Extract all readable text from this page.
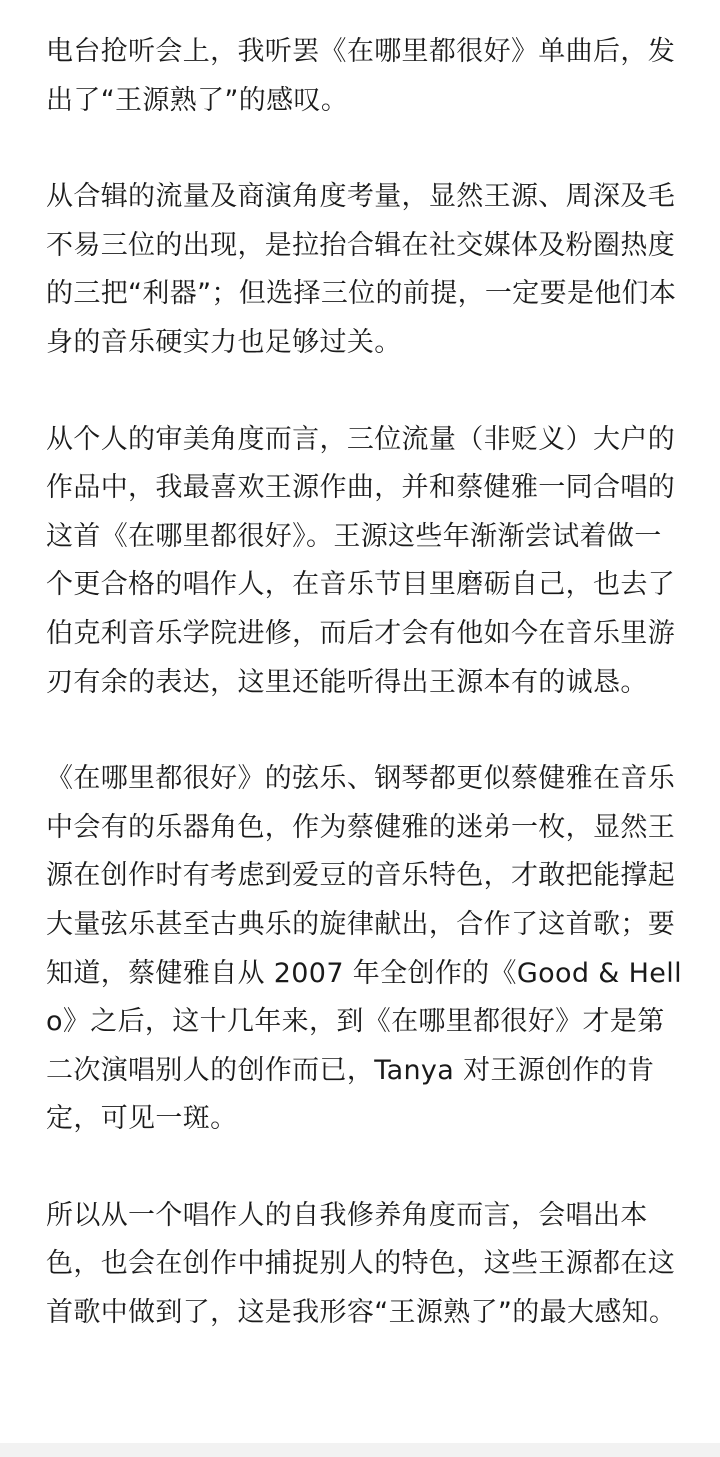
电台抢听会上，我听罢《在哪里都很好》单曲后，发出了“王源熟了”的感叹。

从合辑的流量及商演角度考量，显然王源、周深及毛不易三位的出现，是拉抬合辑在社交媒体及粉圈热度的三把“利器”；但选择三位的前提，一定要是他们本身的音乐硬实力也足够过关。

从个人的审美角度而言，三位流量（非贬义）大户的作品中，我最喜欢王源作曲，并和蔡健雅一同合唱的这首《在哪里都很好》。王源这些年渐渐尝试着做一个更合格的唱作人，在音乐节目里磨砺自己，也去了伯克利音乐学院进修，而后才会有他如今在音乐里游刃有余的表达，这里还能听得出王源本有的诚恳。

《在哪里都很好》的弦乐、钢琴都更似蔡健雅在音乐中会有的乐器角色，作为蔡健雅的迷弟一枚，显然王源在创作时有考虑到爱豆的音乐特色，才敢把能撑起大量弦乐甚至古典乐的旋律献出，合作了这首歌；要知道，蔡健雅自从 2007 年全创作的《Good & Hello》之后，这十几年来，到《在哪里都很好》才是第二次演唱别人的创作而已，Tanya 对王源创作的肯定，可见一斑。

所以从一个唱作人的自我修养角度而言，会唱出本色，也会在创作中捕捉别人的特色，这些王源都在这首歌中做到了，这是我形容“王源熟了”的最大感知。
